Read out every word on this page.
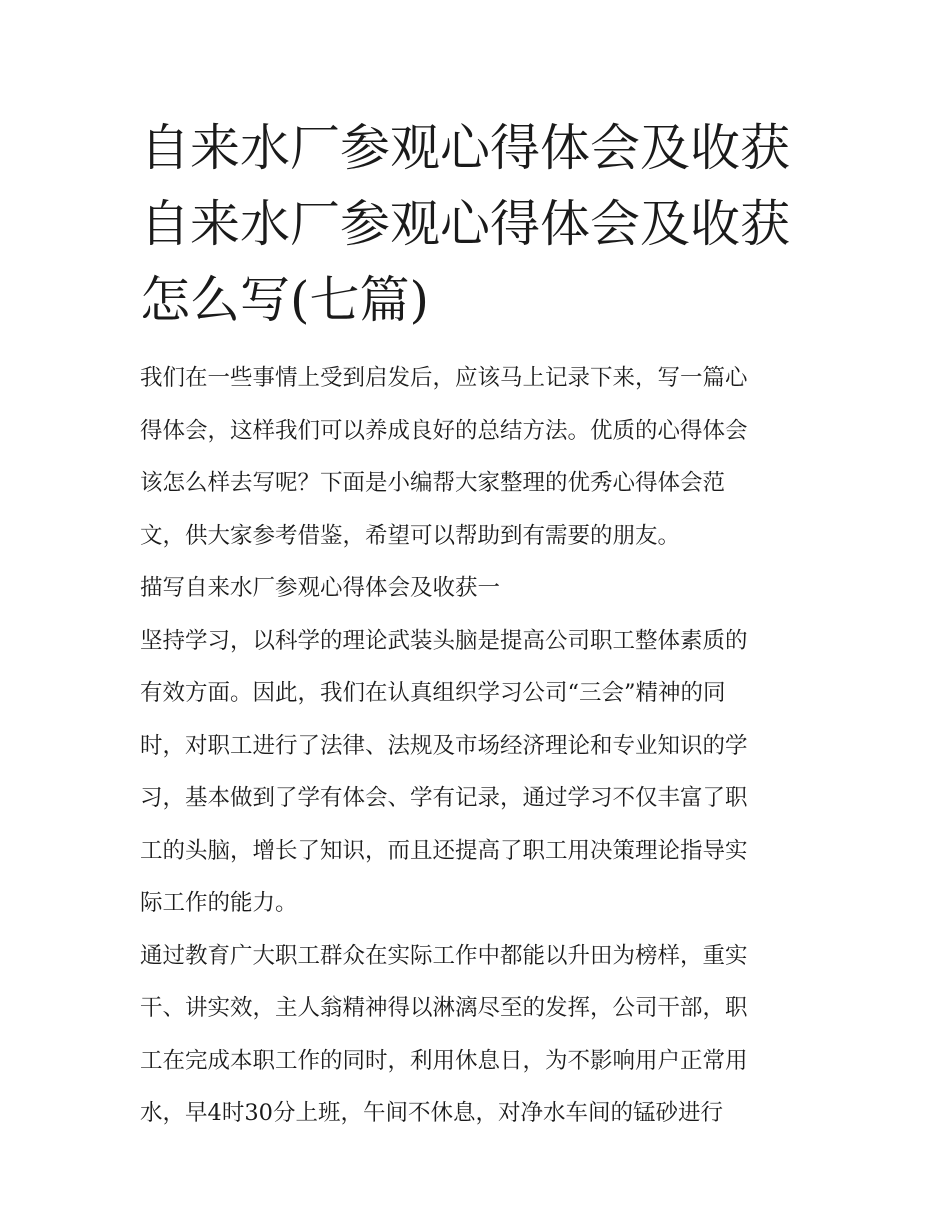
自来水厂参观心得体会及收获

自来水厂参观心得体会及收获

怎么写(七篇)

我们在一些事情上受到启发后，应该马上记录下来，写一篇心

得体会，这样我们可以养成良好的总结方法。优质的心得体会

该怎么样去写呢？下面是小编帮大家整理的优秀心得体会范

文，供大家参考借鉴，希望可以帮助到有需要的朋友。

描写自来水厂参观心得体会及收获一

坚持学习，以科学的理论武装头脑是提高公司职工整体素质的

有效方面。因此，我们在认真组织学习公司“三会”精神的同

时，对职工进行了法律、法规及市场经济理论和专业知识的学

习，基本做到了学有体会、学有记录，通过学习不仅丰富了职

工的头脑，增长了知识，而且还提高了职工用决策理论指导实

际工作的能力。

通过教育广大职工群众在实际工作中都能以升田为榜样，重实

干、讲实效，主人翁精神得以淋漓尽至的发挥，公司干部，职

工在完成本职工作的同时，利用休息日，为不影响用户正常用

水，早4时30分上班，午间不休息，对净水车间的锰砂进行
